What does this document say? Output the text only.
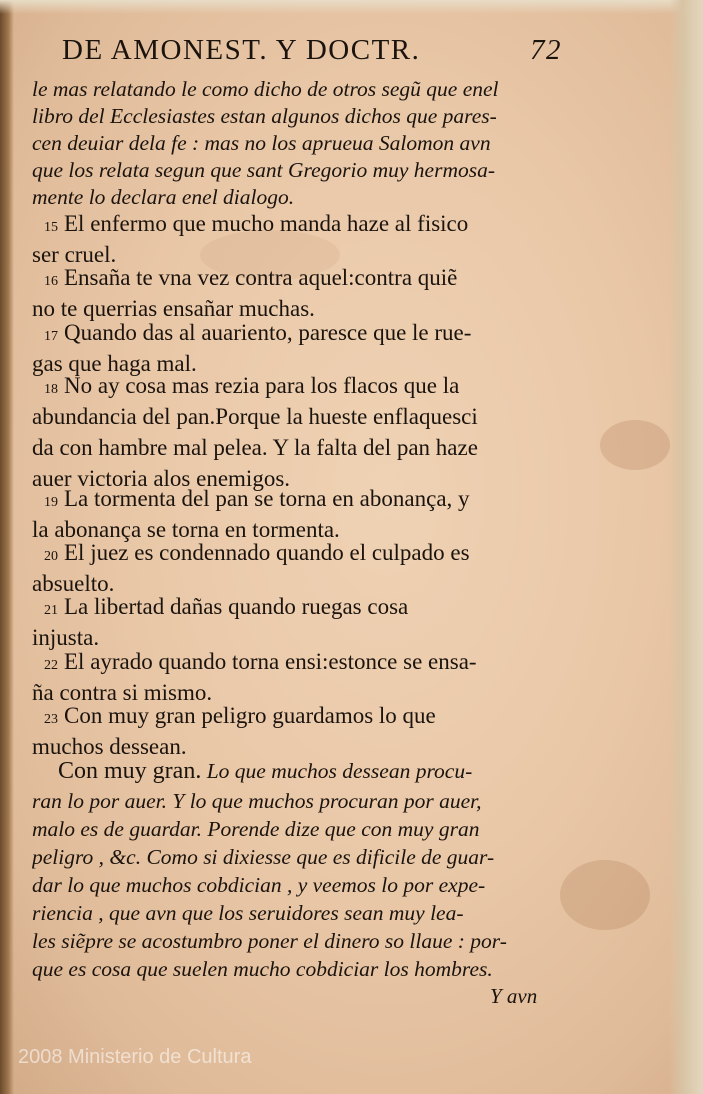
DE AMONEST. Y DOCTR.	72
le mas relatando le como dicho de otros segũ que enel
libro del Ecclesiastes estan algunos dichos que pares-
cen deuiar dela fe : mas no los aprueua Salomon avn
que los relata segun que sant Gregorio muy hermosa-
mente lo declara enel dialogo.
15 El enfermo que mucho manda haze al fisico
ser cruel.
16 Ensaña te vna vez contra aquel:contra quiẽ
no te querrias ensañar muchas.
17 Quando das al auariento, paresce que le rue-
gas que haga mal.
18 No ay cosa mas rezia para los flacos que la
abundancia del pan.Porque la hueste enflaquesci
da con hambre mal pelea. Y la falta del pan haze
auer victoria alos enemigos.
19 La tormenta del pan se torna en abonança, y
la abonança se torna en tormenta.
20 El juez es condennado quando el culpado es
absuelto.
21 La libertad dañas quando ruegas cosa
injusta.
22 El ayrado quando torna ensi:estonce se ensa-
ña contra si mismo.
23 Con muy gran peligro guardamos lo que
muchos dessean.
Con muy gran. Lo que muchos dessean procu-
ran lo por auer. Y lo que muchos procuran por auer,
malo es de guardar. Porende dize que con muy gran
peligro , &c. Como si dixiesse que es dificile de guar-
dar lo que muchos cobdician , y veemos lo por expe-
riencia , que avn que los seruidores sean muy lea-
les siẽpre se acostumbro poner el dinero so llaue : por-
que es cosa que suelen mucho cobdiciar los hombres.
Y avn
2008 Ministerio de Cultura
